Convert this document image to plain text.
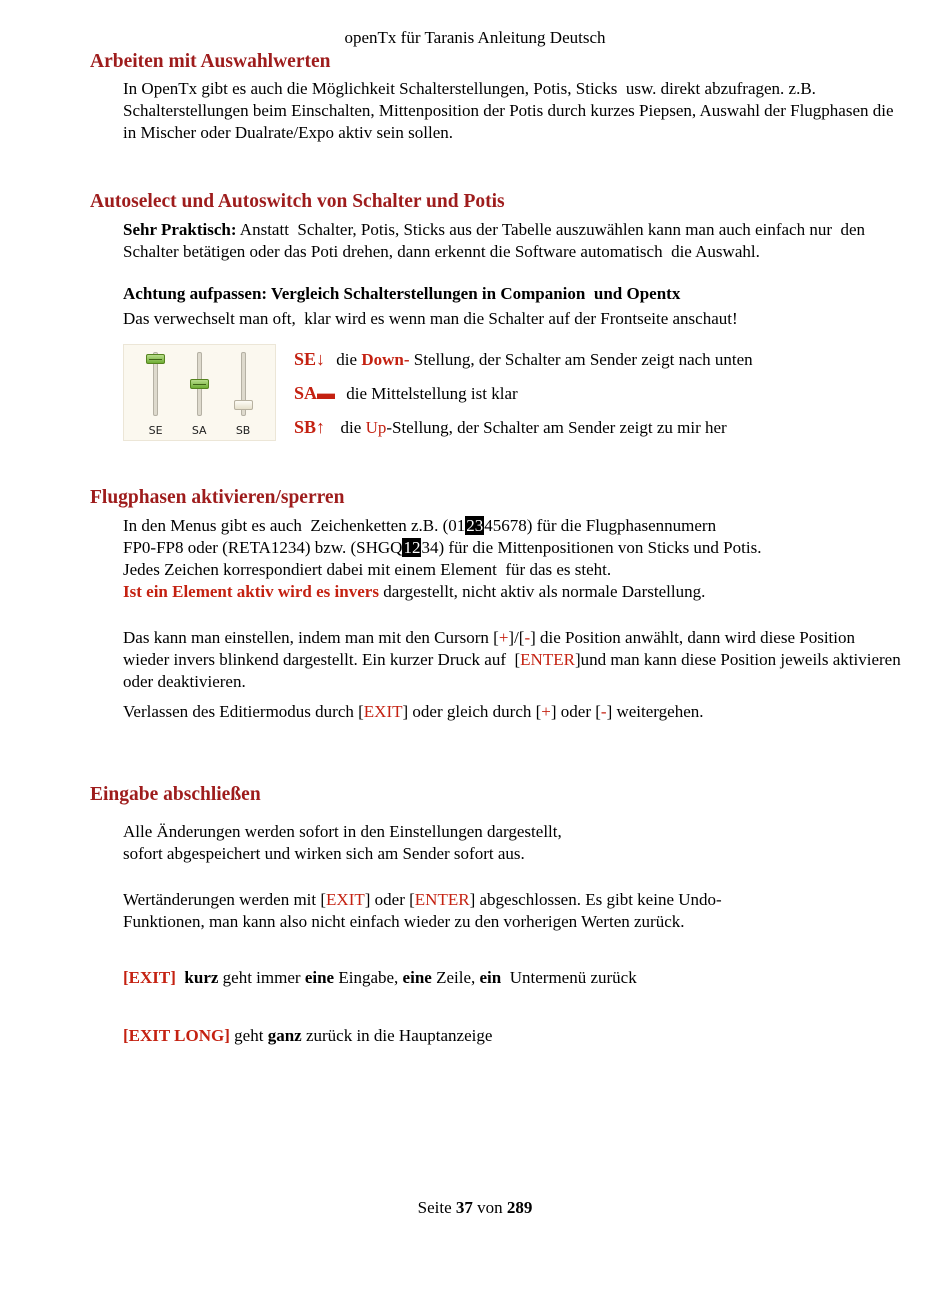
openTx für Taranis Anleitung Deutsch
Arbeiten mit Auswahlwerten
In OpenTx gibt es auch die Möglichkeit Schalterstellungen, Potis, Sticks  usw. direkt abzufragen. z.B. Schalterstellungen beim Einschalten, Mittenposition der Potis durch kurzes Piepsen, Auswahl der Flugphasen die in Mischer oder Dualrate/Expo aktiv sein sollen.
Autoselect und Autoswitch von Schalter und Potis
Sehr Praktisch: Anstatt  Schalter, Potis, Sticks aus der Tabelle auszuwählen kann man auch einfach nur  den Schalter betätigen oder das Poti drehen, dann erkennt die Software automatisch  die Auswahl.
Achtung aufpassen: Vergleich Schalterstellungen in Companion  und Opentx
Das verwechselt man oft,  klar wird es wenn man die Schalter auf der Frontseite anschaut!
SE	SA	SB
SE↓ die Down- Stellung, der Schalter am Sender zeigt nach unten
SA▬ die Mittelstellung ist klar
SB↑  die Up-Stellung, der Schalter am Sender zeigt zu mir her
Flugphasen aktivieren/sperren
In den Menus gibt es auch  Zeichenketten z.B. (012345678) für die Flugphasennumern
FP0-FP8 oder (RETA1234) bzw. (SHGQ1234) für die Mittenpositionen von Sticks und Potis.
Jedes Zeichen korrespondiert dabei mit einem Element  für das es steht.
Ist ein Element aktiv wird es invers dargestellt, nicht aktiv als normale Darstellung.
Das kann man einstellen, indem man mit den Cursorn [+]/[-] die Position anwählt, dann wird diese Position  wieder invers blinkend dargestellt. Ein kurzer Druck auf  [ENTER]und man kann diese Position jeweils aktivieren oder deaktivieren.
Verlassen des Editiermodus durch [EXIT] oder gleich durch [+] oder [-] weitergehen.
Eingabe abschließen
Alle Änderungen werden sofort in den Einstellungen dargestellt,
sofort abgespeichert und wirken sich am Sender sofort aus.
Wertänderungen werden mit [EXIT] oder [ENTER] abgeschlossen. Es gibt keine Undo-
Funktionen, man kann also nicht einfach wieder zu den vorherigen Werten zurück.
[EXIT]  kurz geht immer eine Eingabe, eine Zeile, ein  Untermenü zurück
[EXIT LONG] geht ganz zurück in die Hauptanzeige
Seite 37 von 289
